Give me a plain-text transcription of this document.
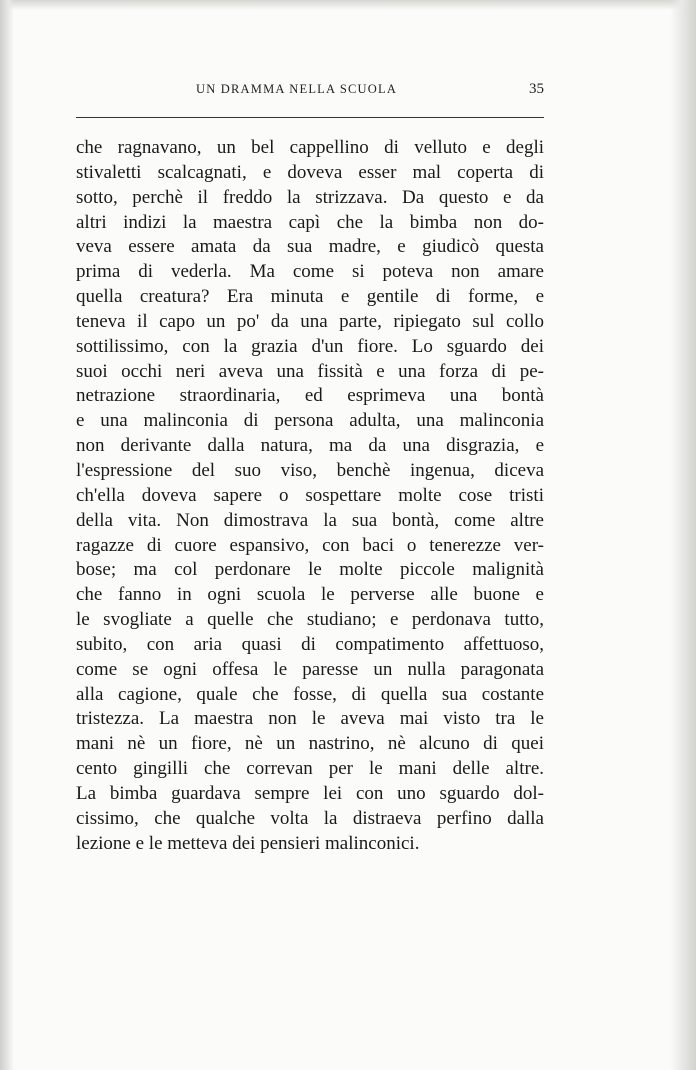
UN DRAMMA NELLA SCUOLA	35
che ragnavano, un bel cappellino di velluto e degli
stivaletti scalcagnati, e doveva esser mal coperta di
sotto, perchè il freddo la strizzava. Da questo e da
altri indizi la maestra capì che la bimba non do-
veva essere amata da sua madre, e giudicò questa
prima di vederla. Ma come si poteva non amare
quella creatura? Era minuta e gentile di forme, e
teneva il capo un po' da una parte, ripiegato sul collo
sottilissimo, con la grazia d'un fiore. Lo sguardo dei
suoi occhi neri aveva una fissità e una forza di pe-
netrazione straordinaria, ed esprimeva una bontà
e una malinconia di persona adulta, una malinconia
non derivante dalla natura, ma da una disgrazia, e
l'espressione del suo viso, benchè ingenua, diceva
ch'ella doveva sapere o sospettare molte cose tristi
della vita. Non dimostrava la sua bontà, come altre
ragazze di cuore espansivo, con baci o tenerezze ver-
bose; ma col perdonare le molte piccole malignità
che fanno in ogni scuola le perverse alle buone e
le svogliate a quelle che studiano; e perdonava tutto,
subito, con aria quasi di compatimento affettuoso,
come se ogni offesa le paresse un nulla paragonata
alla cagione, quale che fosse, di quella sua costante
tristezza. La maestra non le aveva mai visto tra le
mani nè un fiore, nè un nastrino, nè alcuno di quei
cento gingilli che correvan per le mani delle altre.
La bimba guardava sempre lei con uno sguardo dol-
cissimo, che qualche volta la distraeva perfino dalla
lezione e le metteva dei pensieri malinconici.
